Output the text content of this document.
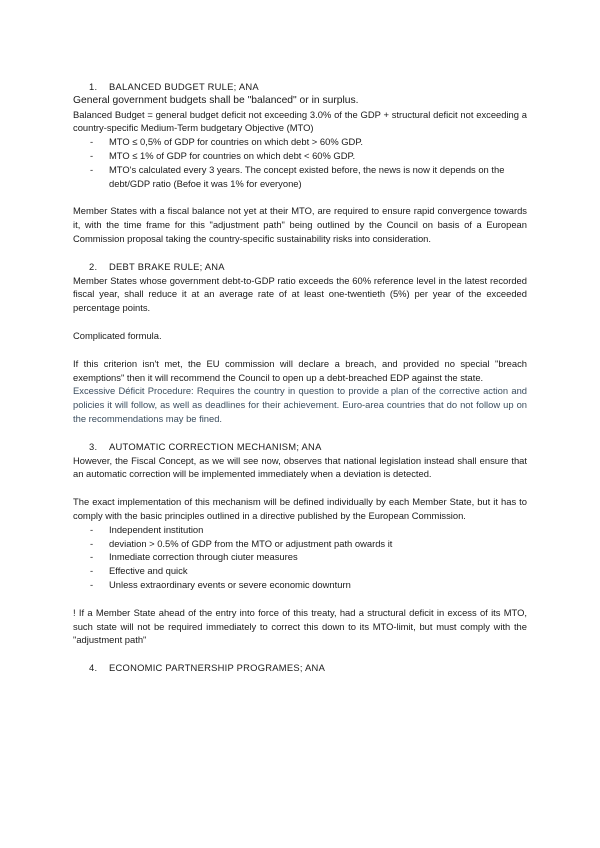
1.	BALANCED BUDGET RULE; ANA

General government budgets shall be "balanced" or in surplus.

Balanced Budget = general budget deficit not exceeding 3.0% of the GDP + structural deficit not exceeding a country-specific Medium-Term budgetary Objective (MTO)

- MTO ≤ 0,5% of GDP for countries on which debt > 60% GDP.
- MTO ≤ 1% of GDP for countries on which debt < 60% GDP.
- MTO's calculated every 3 years. The concept existed before, the news is now it depends on the debt/GDP ratio (Befoe it was 1% for everyone)

Member States with a fiscal balance not yet at their MTO, are required to ensure rapid convergence towards it, with the time frame for this "adjustment path" being outlined by the Council on basis of a European Commission proposal taking the country-specific sustainability risks into consideration.

2.	DEBT BRAKE RULE; ANA

Member States whose government debt-to-GDP ratio exceeds the 60% reference level in the latest recorded fiscal year, shall reduce it at an average rate of at least one-twentieth (5%) per year of the exceeded percentage points.

Complicated formula.

If this criterion isn't met, the EU commission will declare a breach, and provided no special "breach exemptions" then it will recommend the Council to open up a debt-breached EDP against the state.

Excessive Déficit Procedure: Requires the country in question to provide a plan of the corrective action and policies it will follow, as well as deadlines for their achievement. Euro-area countries that do not follow up on the recommendations may be fined.

3.	AUTOMATIC CORRECTION MECHANISM; ANA

However, the Fiscal Concept, as we will see now, observes that national legislation instead shall ensure that an automatic correction will be implemented immediately when a deviation is detected.

The exact implementation of this mechanism will be defined individually by each Member State, but it has to comply with the basic principles outlined in a directive published by the European Commission.

- Independent institution
- deviation > 0.5% of GDP from the MTO or adjustment path owards it
- Inmediate correction through ciuter measures
- Effective and quick
- Unless extraordinary events or severe economic downturn

! If a Member State ahead of the entry into force of this treaty, had a structural deficit in excess of its MTO, such state will not be required immediately to correct this down to its MTO-limit, but must comply with the "adjustment path"

4.	ECONOMIC PARTNERSHIP PROGRAMES; ANA
